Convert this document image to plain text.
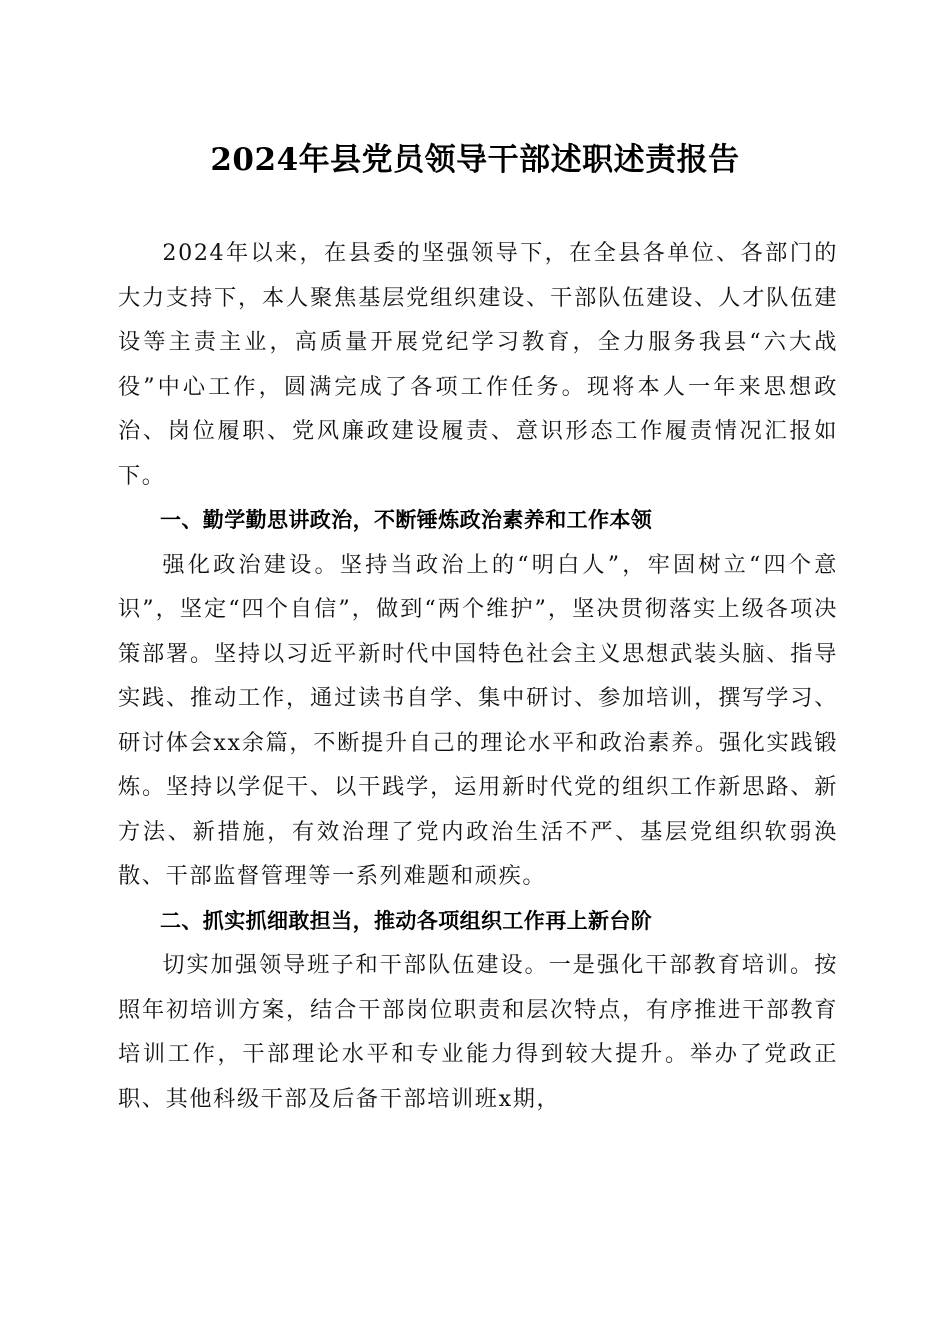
2024年县党员领导干部述职述责报告

2024年以来，在县委的坚强领导下，在全县各单位、各部门的大力支持下，本人聚焦基层党组织建设、干部队伍建设、人才队伍建设等主责主业，高质量开展党纪学习教育，全力服务我县“六大战役”中心工作，圆满完成了各项工作任务。现将本人一年来思想政治、岗位履职、党风廉政建设履责、意识形态工作履责情况汇报如下。

一、勤学勤思讲政治，不断锤炼政治素养和工作本领

强化政治建设。坚持当政治上的“明白人”，牢固树立“四个意识”，坚定“四个自信”，做到“两个维护”，坚决贯彻落实上级各项决策部署。坚持以习近平新时代中国特色社会主义思想武装头脑、指导实践、推动工作，通过读书自学、集中研讨、参加培训，撰写学习、研讨体会xx余篇，不断提升自己的理论水平和政治素养。强化实践锻炼。坚持以学促干、以干践学，运用新时代党的组织工作新思路、新方法、新措施，有效治理了党内政治生活不严、基层党组织软弱涣散、干部监督管理等一系列难题和顽疾。

二、抓实抓细敢担当，推动各项组织工作再上新台阶

切实加强领导班子和干部队伍建设。一是强化干部教育培训。按照年初培训方案，结合干部岗位职责和层次特点，有序推进干部教育培训工作，干部理论水平和专业能力得到较大提升。举办了党政正职、其他科级干部及后备干部培训班x期，
